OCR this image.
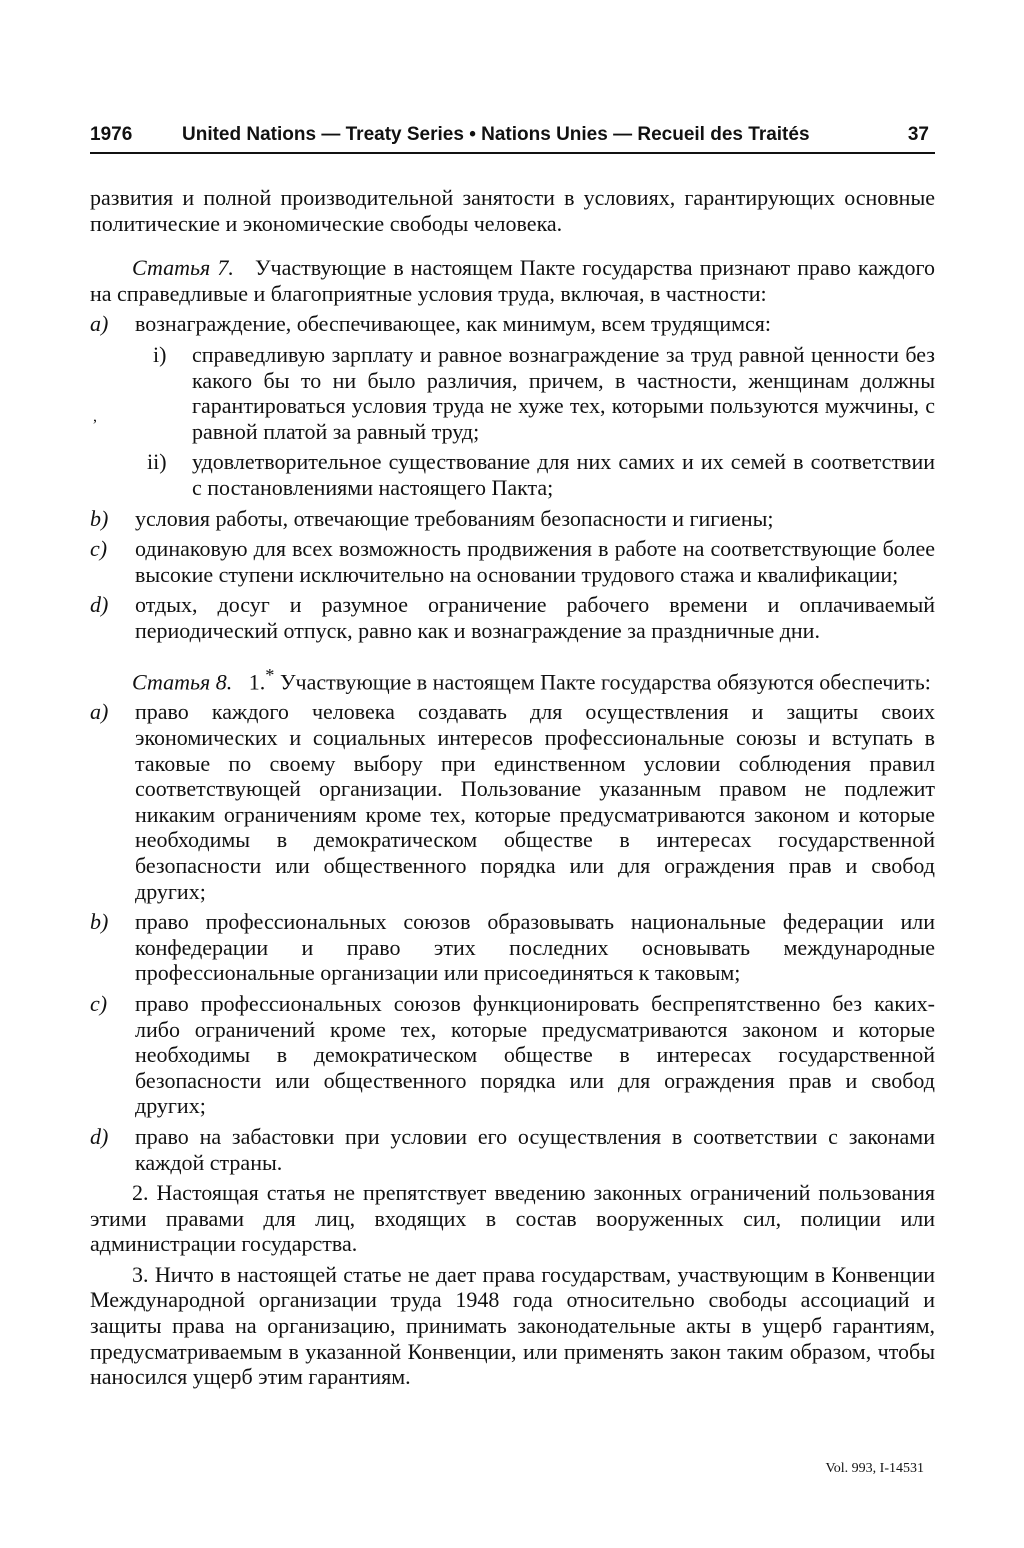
1976	United Nations — Treaty Series • Nations Unies — Recueil des Traités	37
,

развития и полной производительной занятости в условиях, гарантирующих основные политические и экономические свободы человека.

Статья 7. Участвующие в настоящем Пакте государства признают право каждого на справедливые и благоприятные условия труда, включая, в частности:

a) вознаграждение, обеспечивающее, как минимум, всем трудящимся:
i) справедливую зарплату и равное вознаграждение за труд равной ценности без какого бы то ни было различия, причем, в частности, женщинам должны гарантироваться условия труда не хуже тех, которыми пользуются мужчины, с равной платой за равный труд;
ii) удовлетворительное существование для них самих и их семей в соответствии с постановлениями настоящего Пакта;
b) условия работы, отвечающие требованиям безопасности и гигиены;
c) одинаковую для всех возможность продвижения в работе на соответствующие более высокие ступени исключительно на основании трудового стажа и квалификации;
d) отдых, досуг и разумное ограничение рабочего времени и оплачиваемый периодический отпуск, равно как и вознаграждение за праздничные дни.

Статья 8. 1.* Участвующие в настоящем Пакте государства обязуются обеспечить:

a) право каждого человека создавать для осуществления и защиты своих экономических и социальных интересов профессиональные союзы и вступать в таковые по своему выбору при единственном условии соблюдения правил соответствующей организации. Пользование указанным правом не подлежит никаким ограничениям кроме тех, которые предусматриваются законом и которые необходимы в демократическом обществе в интересах государственной безопасности или общественного порядка или для ограждения прав и свобод других;
b) право профессиональных союзов образовывать национальные федерации или конфедерации и право этих последних основывать международные профессиональные организации или присоединяться к таковым;
c) право профессиональных союзов функционировать беспрепятственно без каких-либо ограничений кроме тех, которые предусматриваются законом и которые необходимы в демократическом обществе в интересах государственной безопасности или общественного порядка или для ограждения прав и свобод других;
d) право на забастовки при условии его осуществления в соответствии с законами каждой страны.

2. Настоящая статья не препятствует введению законных ограничений пользования этими правами для лиц, входящих в состав вооруженных сил, полиции или администрации государства.

3. Ничто в настоящей статье не дает права государствам, участвующим в Конвенции Международной организации труда 1948 года относительно свободы ассоциаций и защиты права на организацию, принимать законодательные акты в ущерб гарантиям, предусматриваемым в указанной Конвенции, или применять закон таким образом, чтобы наносился ущерб этим гарантиям.

Vol. 993, I-14531
